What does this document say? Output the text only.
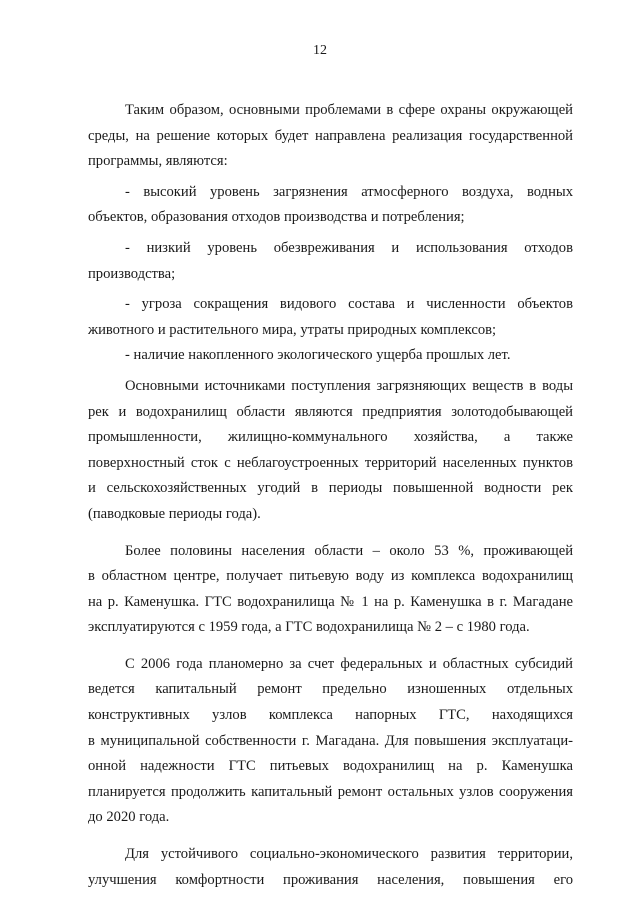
12

Таким образом, основными проблемами в сфере охраны окружающей
среды, на решение которых будет направлена реализация государственной
программы, являются:

- высокий уровень загрязнения атмосферного воздуха, водных
объектов, образования отходов производства и потребления;

- низкий уровень обезвреживания и использования отходов
производства;

- угроза сокращения видового состава и численности объектов
животного и растительного мира, утраты природных комплексов;

- наличие накопленного экологического ущерба прошлых лет.

Основными источниками поступления загрязняющих веществ в воды
рек и водохранилищ области являются предприятия золотодобывающей
промышленности, жилищно-коммунального хозяйства, а также
поверхностный сток с неблагоустроенных территорий населенных пунктов
и сельскохозяйственных угодий в периоды повышенной водности рек
(паводковые периоды года).

Более половины населения области – около 53 %, проживающей
в областном центре, получает питьевую воду из комплекса водохранилищ
на р. Каменушка. ГТС водохранилища № 1 на р. Каменушка в г. Магадане
эксплуатируются с 1959 года, а ГТС водохранилища № 2 – с 1980 года.

С 2006 года планомерно за счет федеральных и областных субсидий
ведется капитальный ремонт предельно изношенных отдельных
конструктивных узлов комплекса напорных ГТС, находящихся
в муниципальной собственности г. Магадана. Для повышения эксплуатаци-
онной надежности ГТС питьевых водохранилищ на р. Каменушка
планируется продолжить капитальный ремонт остальных узлов сооружения
до 2020 года.

Для устойчивого социально-экономического развития территории,
улучшения комфортности проживания населения, повышения его
